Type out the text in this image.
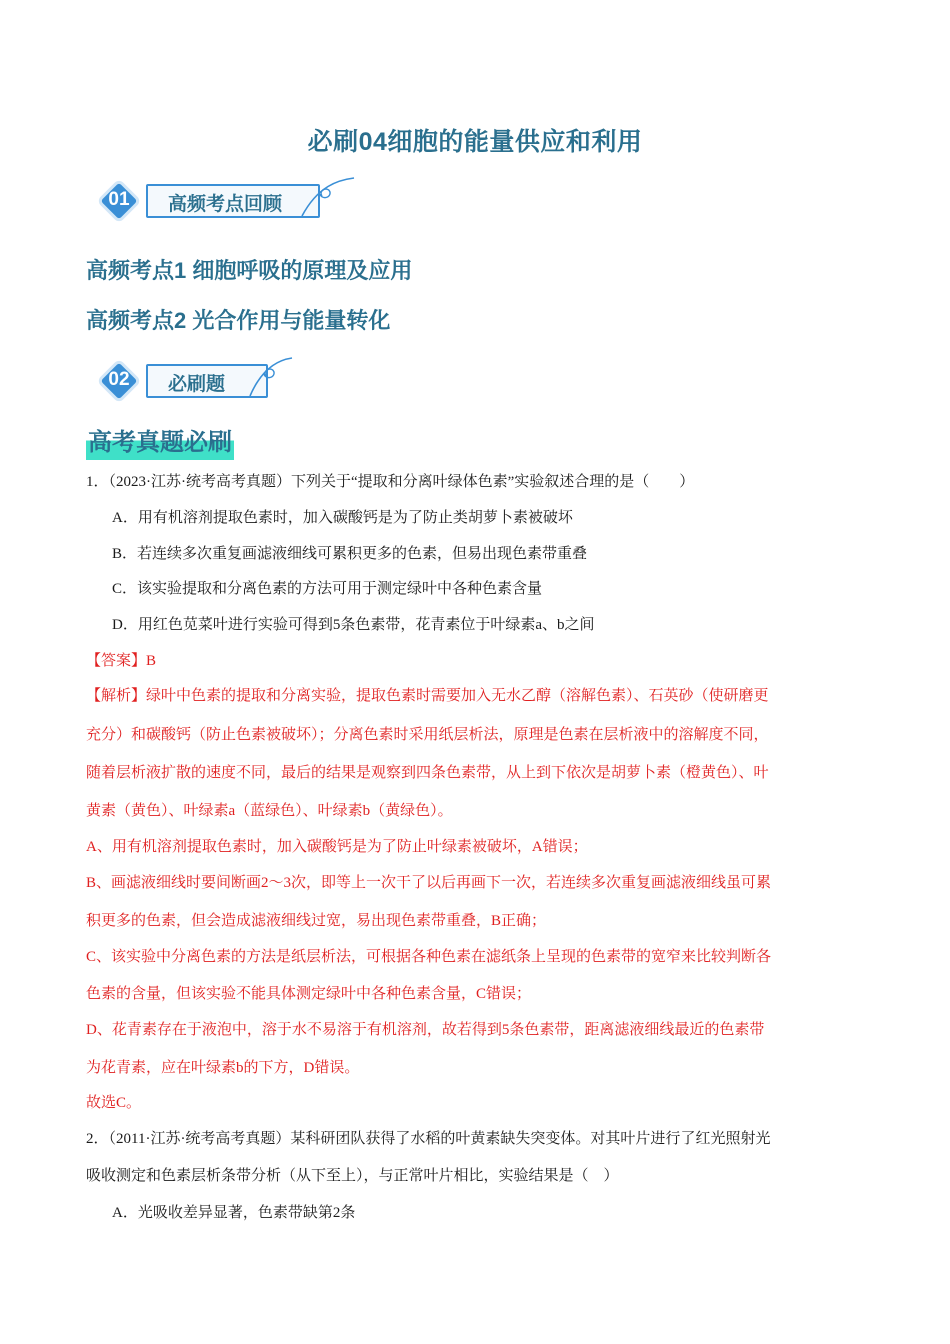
必刷04细胞的能量供应和利用
01	高频考点回顾
高频考点1 细胞呼吸的原理及应用
高频考点2 光合作用与能量转化
02	必刷题
高考真题必刷
1．（2023·江苏·统考高考真题）下列关于“提取和分离叶绿体色素”实验叙述合理的是（　　）
A．用有机溶剂提取色素时，加入碳酸钙是为了防止类胡萝卜素被破坏
B．若连续多次重复画滤液细线可累积更多的色素，但易出现色素带重叠
C．该实验提取和分离色素的方法可用于测定绿叶中各种色素含量
D．用红色苋菜叶进行实验可得到5条色素带，花青素位于叶绿素a、b之间
【答案】B
【解析】绿叶中色素的提取和分离实验，提取色素时需要加入无水乙醇（溶解色素）、石英砂（使研磨更
充分）和碳酸钙（防止色素被破坏）；分离色素时采用纸层析法，原理是色素在层析液中的溶解度不同，
随着层析液扩散的速度不同，最后的结果是观察到四条色素带，从上到下依次是胡萝卜素（橙黄色）、叶
黄素（黄色）、叶绿素a（蓝绿色）、叶绿素b（黄绿色）。
A、用有机溶剂提取色素时，加入碳酸钙是为了防止叶绿素被破坏，A错误；
B、画滤液细线时要间断画2～3次，即等上一次干了以后再画下一次，若连续多次重复画滤液细线虽可累
积更多的色素，但会造成滤液细线过宽，易出现色素带重叠，B正确；
C、该实验中分离色素的方法是纸层析法，可根据各种色素在滤纸条上呈现的色素带的宽窄来比较判断各
色素的含量，但该实验不能具体测定绿叶中各种色素含量，C错误；
D、花青素存在于液泡中，溶于水不易溶于有机溶剂，故若得到5条色素带，距离滤液细线最近的色素带
为花青素，应在叶绿素b的下方，D错误。
故选C。
2．（2011·江苏·统考高考真题）某科研团队获得了水稻的叶黄素缺失突变体。对其叶片进行了红光照射光
吸收测定和色素层析条带分析（从下至上），与正常叶片相比，实验结果是（　）
A．光吸收差异显著，色素带缺第2条
